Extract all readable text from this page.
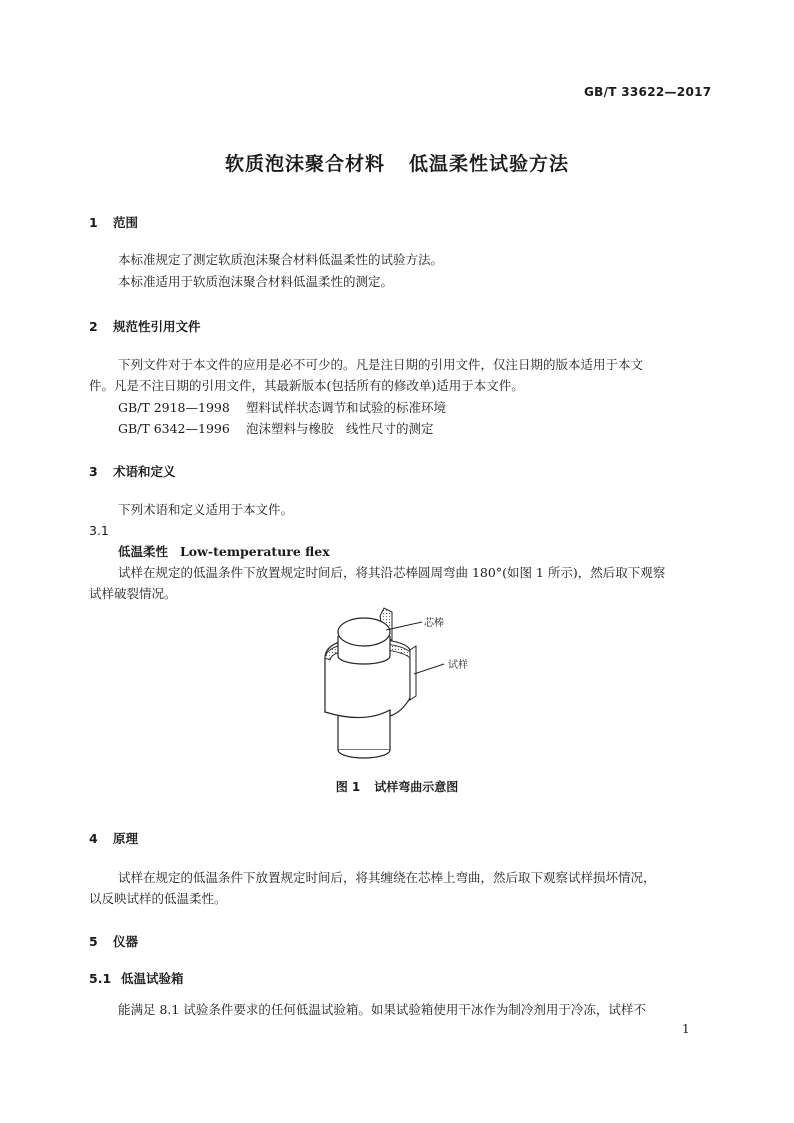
GB/T 33622—2017
软质泡沫聚合材料 低温柔性试验方法
1 范围
本标准规定了测定软质泡沫聚合材料低温柔性的试验方法。
本标准适用于软质泡沫聚合材料低温柔性的测定。
2 规范性引用文件
下列文件对于本文件的应用是必不可少的。凡是注日期的引用文件，仅注日期的版本适用于本文
件。凡是不注日期的引用文件，其最新版本(包括所有的修改单)适用于本文件。
GB/T 2918—1998 塑料试样状态调节和试验的标准环境
GB/T 6342—1996 泡沫塑料与橡胶　线性尺寸的测定
3 术语和定义
下列术语和定义适用于本文件。
3.1
低温柔性 Low-temperature flex
试样在规定的低温条件下放置规定时间后，将其沿芯棒圆周弯曲 180°(如图 1 所示)，然后取下观察
试样破裂情况。
芯棒
试样
图 1 试样弯曲示意图
4 原理
试样在规定的低温条件下放置规定时间后，将其缠绕在芯棒上弯曲，然后取下观察试样损坏情况，
以反映试样的低温柔性。
5 仪器
5.1 低温试验箱
能满足 8.1 试验条件要求的任何低温试验箱。如果试验箱使用干冰作为制冷剂用于冷冻，试样不
1
